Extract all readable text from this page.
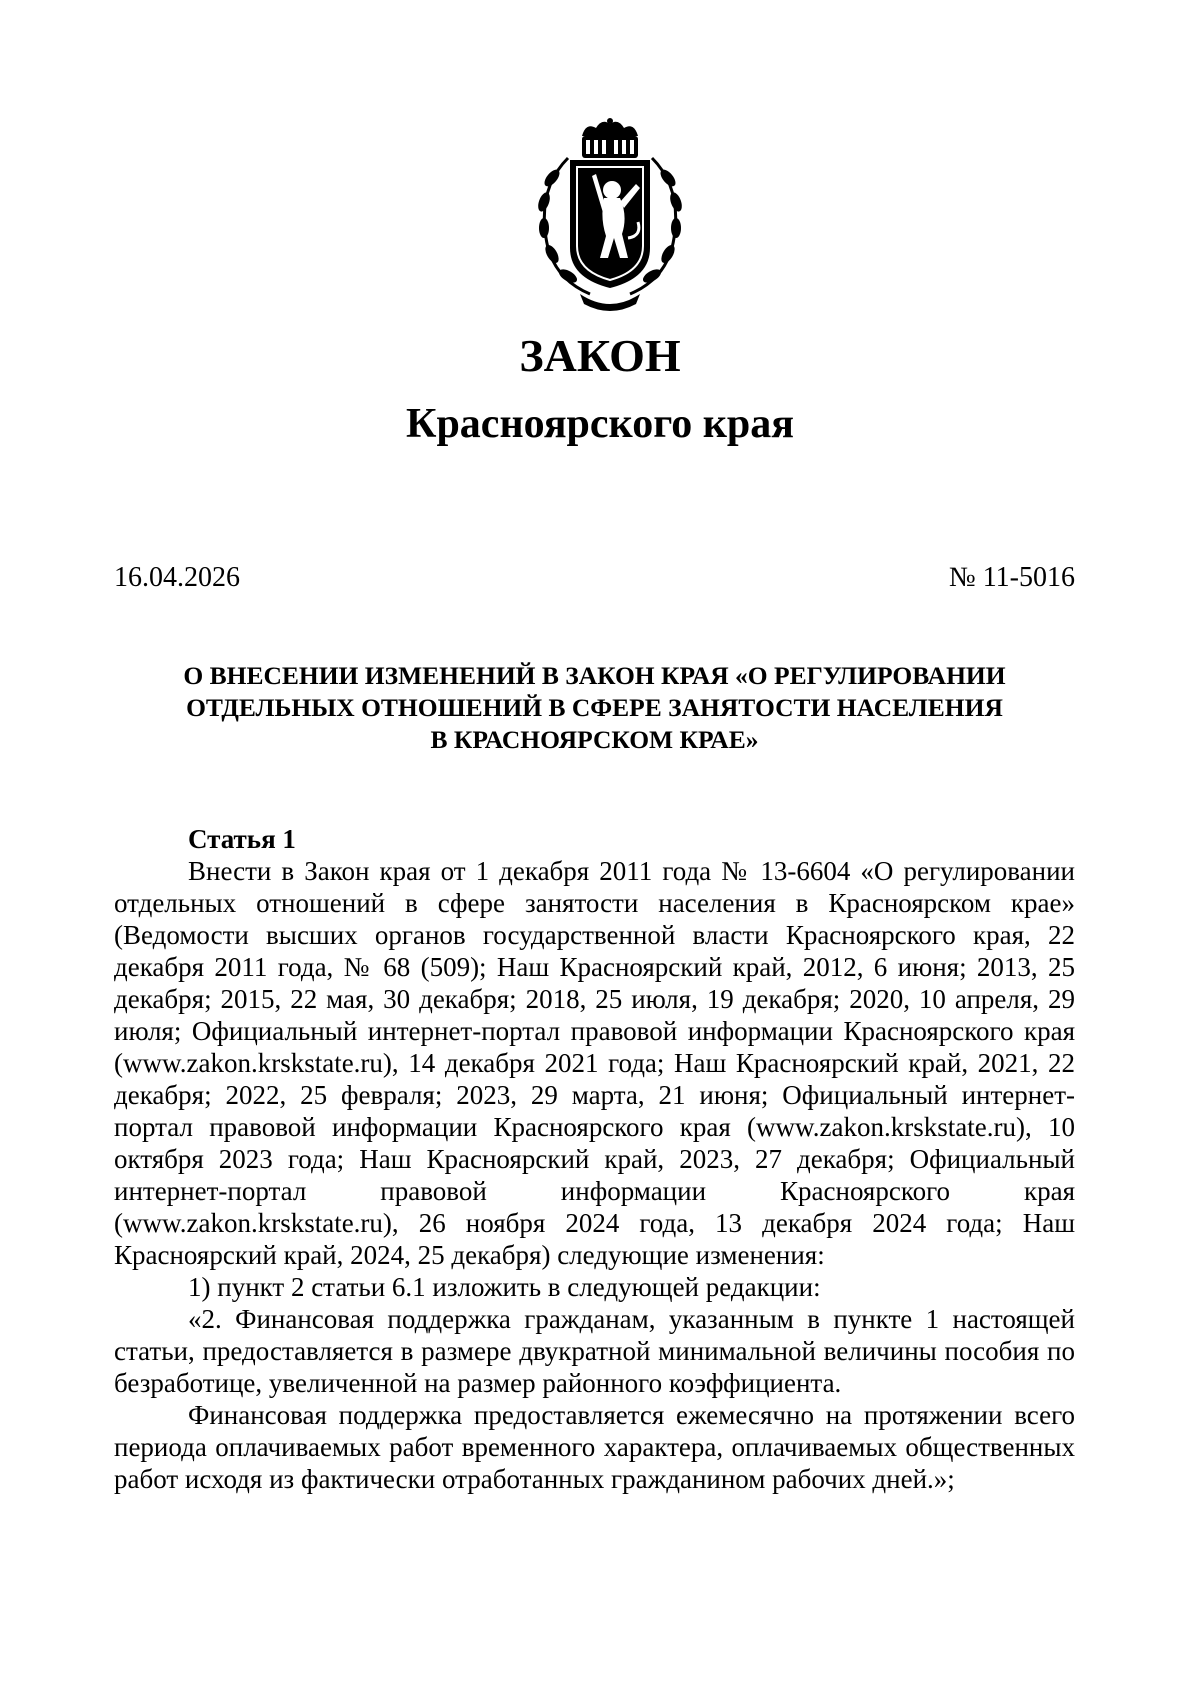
ЗАКОН
Красноярского края
16.04.2026	№ 11-5016
О ВНЕСЕНИИ ИЗМЕНЕНИЙ В ЗАКОН КРАЯ «О РЕГУЛИРОВАНИИ
ОТДЕЛЬНЫХ ОТНОШЕНИЙ В СФЕРЕ ЗАНЯТОСТИ НАСЕЛЕНИЯ
В КРАСНОЯРСКОМ КРАЕ»

Статья 1

Внести в Закон края от 1 декабря 2011 года № 13-6604 «О регулировании отдельных отношений в сфере занятости населения в Красноярском крае» (Ведомости высших органов государственной власти Красноярского края, 22 декабря 2011 года, № 68 (509); Наш Красноярский край, 2012, 6 июня; 2013, 25 декабря; 2015, 22 мая, 30 декабря; 2018, 25 июля, 19 декабря; 2020, 10 апреля, 29 июля; Официальный интернет-портал правовой информации Красноярского края (www.zakon.krskstate.ru), 14 декабря 2021 года; Наш Красноярский край, 2021, 22 декабря; 2022, 25 февраля; 2023, 29 марта, 21 июня; Официальный интернет-портал правовой информации Красноярского края (www.zakon.krskstate.ru), 10 октября 2023 года; Наш Красноярский край, 2023, 27 декабря; Официальный интернет-портал правовой информации Красноярского края (www.zakon.krskstate.ru), 26 ноября 2024 года, 13 декабря 2024 года; Наш Красноярский край, 2024, 25 декабря) следующие изменения:

1) пункт 2 статьи 6.1 изложить в следующей редакции:

«2. Финансовая поддержка гражданам, указанным в пункте 1 настоящей статьи, предоставляется в размере двукратной минимальной величины пособия по безработице, увеличенной на размер районного коэффициента.

Финансовая поддержка предоставляется ежемесячно на протяжении всего периода оплачиваемых работ временного характера, оплачиваемых общественных работ исходя из фактически отработанных гражданином рабочих дней.»;
